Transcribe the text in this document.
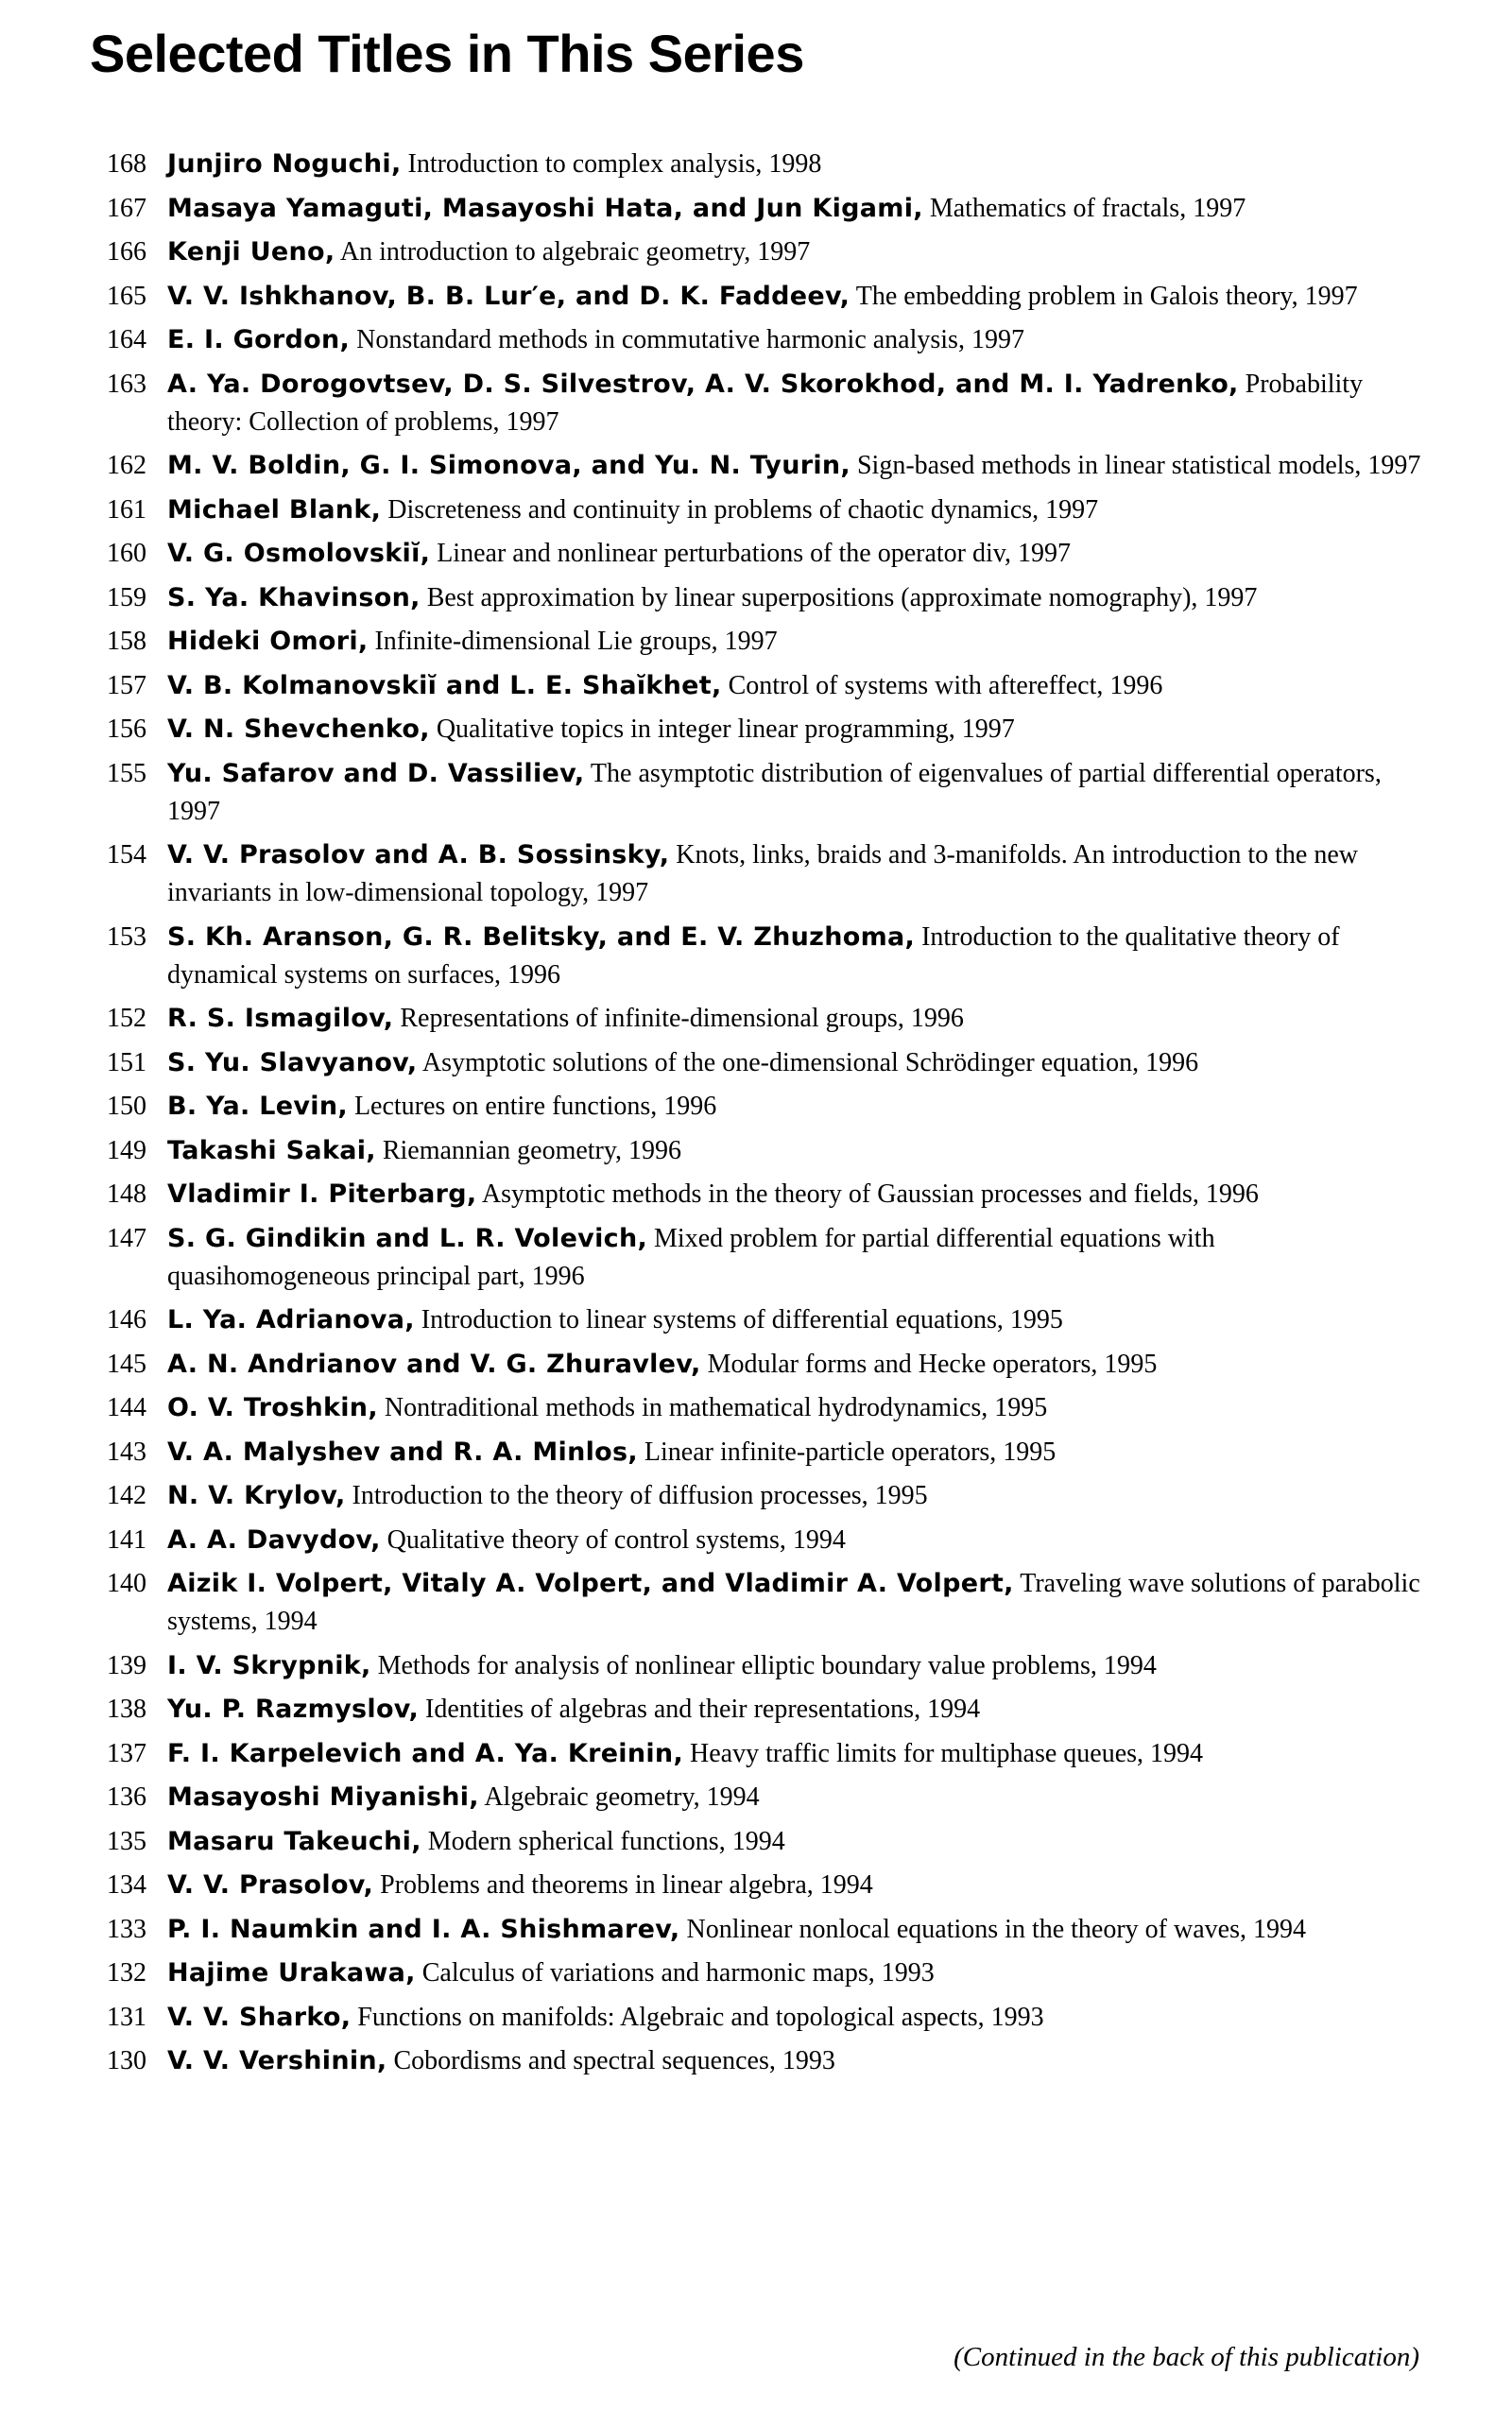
Selected Titles in This Series
168 Junjiro Noguchi, Introduction to complex analysis, 1998
167 Masaya Yamaguti, Masayoshi Hata, and Jun Kigami, Mathematics of fractals, 1997
166 Kenji Ueno, An introduction to algebraic geometry, 1997
165 V. V. Ishkhanov, B. B. Lur′e, and D. K. Faddeev, The embedding problem in Galois theory, 1997
164 E. I. Gordon, Nonstandard methods in commutative harmonic analysis, 1997
163 A. Ya. Dorogovtsev, D. S. Silvestrov, A. V. Skorokhod, and M. I. Yadrenko, Probability theory: Collection of problems, 1997
162 M. V. Boldin, G. I. Simonova, and Yu. N. Tyurin, Sign-based methods in linear statistical models, 1997
161 Michael Blank, Discreteness and continuity in problems of chaotic dynamics, 1997
160 V. G. Osmolovskiĭ, Linear and nonlinear perturbations of the operator div, 1997
159 S. Ya. Khavinson, Best approximation by linear superpositions (approximate nomography), 1997
158 Hideki Omori, Infinite-dimensional Lie groups, 1997
157 V. B. Kolmanovskiĭ and L. E. Shaĭkhet, Control of systems with aftereffect, 1996
156 V. N. Shevchenko, Qualitative topics in integer linear programming, 1997
155 Yu. Safarov and D. Vassiliev, The asymptotic distribution of eigenvalues of partial differential operators, 1997
154 V. V. Prasolov and A. B. Sossinsky, Knots, links, braids and 3-manifolds. An introduction to the new invariants in low-dimensional topology, 1997
153 S. Kh. Aranson, G. R. Belitsky, and E. V. Zhuzhoma, Introduction to the qualitative theory of dynamical systems on surfaces, 1996
152 R. S. Ismagilov, Representations of infinite-dimensional groups, 1996
151 S. Yu. Slavyanov, Asymptotic solutions of the one-dimensional Schrödinger equation, 1996
150 B. Ya. Levin, Lectures on entire functions, 1996
149 Takashi Sakai, Riemannian geometry, 1996
148 Vladimir I. Piterbarg, Asymptotic methods in the theory of Gaussian processes and fields, 1996
147 S. G. Gindikin and L. R. Volevich, Mixed problem for partial differential equations with quasihomogeneous principal part, 1996
146 L. Ya. Adrianova, Introduction to linear systems of differential equations, 1995
145 A. N. Andrianov and V. G. Zhuravlev, Modular forms and Hecke operators, 1995
144 O. V. Troshkin, Nontraditional methods in mathematical hydrodynamics, 1995
143 V. A. Malyshev and R. A. Minlos, Linear infinite-particle operators, 1995
142 N. V. Krylov, Introduction to the theory of diffusion processes, 1995
141 A. A. Davydov, Qualitative theory of control systems, 1994
140 Aizik I. Volpert, Vitaly A. Volpert, and Vladimir A. Volpert, Traveling wave solutions of parabolic systems, 1994
139 I. V. Skrypnik, Methods for analysis of nonlinear elliptic boundary value problems, 1994
138 Yu. P. Razmyslov, Identities of algebras and their representations, 1994
137 F. I. Karpelevich and A. Ya. Kreinin, Heavy traffic limits for multiphase queues, 1994
136 Masayoshi Miyanishi, Algebraic geometry, 1994
135 Masaru Takeuchi, Modern spherical functions, 1994
134 V. V. Prasolov, Problems and theorems in linear algebra, 1994
133 P. I. Naumkin and I. A. Shishmarev, Nonlinear nonlocal equations in the theory of waves, 1994
132 Hajime Urakawa, Calculus of variations and harmonic maps, 1993
131 V. V. Sharko, Functions on manifolds: Algebraic and topological aspects, 1993
130 V. V. Vershinin, Cobordisms and spectral sequences, 1993
(Continued in the back of this publication)
